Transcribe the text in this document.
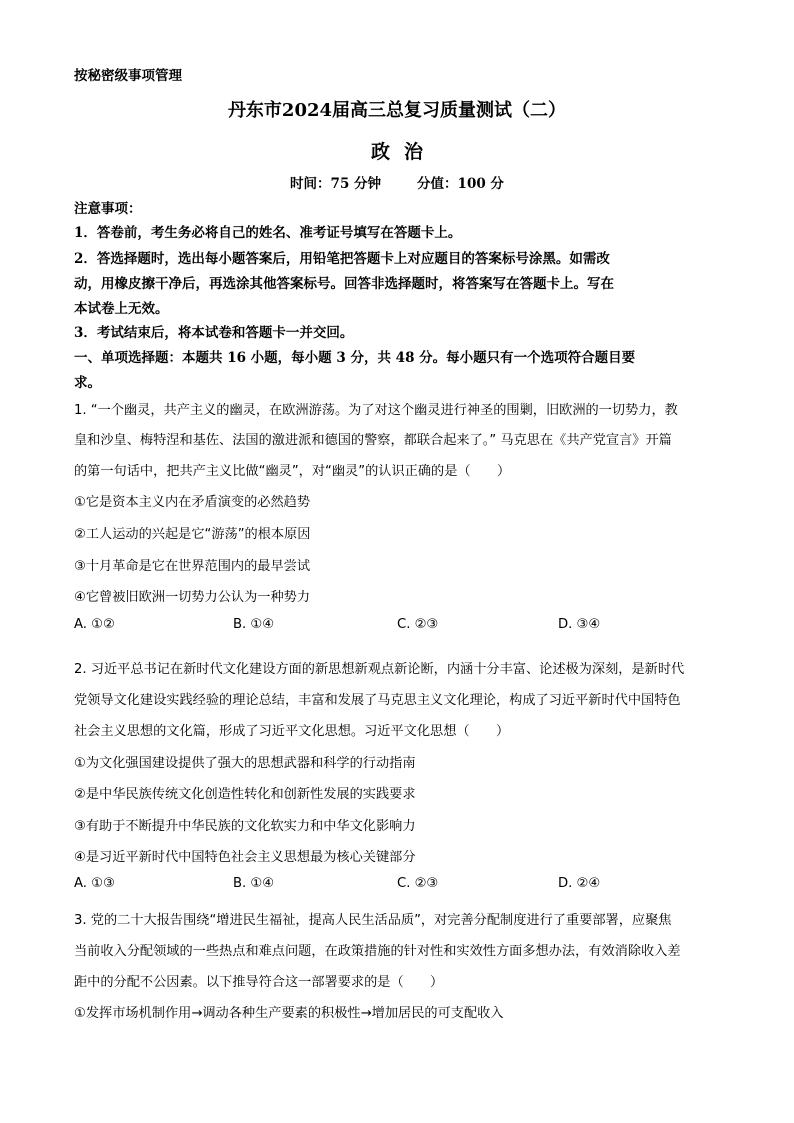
按秘密级事项管理
丹东市2024届高三总复习质量测试（二）
政治
时间：75 分钟	分值：100 分
注意事项：
1．答卷前，考生务必将自己的姓名、准考证号填写在答题卡上。
2．答选择题时，选出每小题答案后，用铅笔把答题卡上对应题目的答案标号涂黑。如需改
动，用橡皮擦干净后，再选涂其他答案标号。回答非选择题时，将答案写在答题卡上。写在
本试卷上无效。
3．考试结束后，将本试卷和答题卡一并交回。
一、单项选择题：本题共 16 小题，每小题 3 分，共 48 分。每小题只有一个选项符合题目要
求。
1. “一个幽灵，共产主义的幽灵，在欧洲游荡。为了对这个幽灵进行神圣的围剿，旧欧洲的一切势力，教
皇和沙皇、梅特涅和基佐、法国的激进派和德国的警察，都联合起来了。” 马克思在《共产党宣言》开篇
的第一句话中，把共产主义比做“幽灵”，对“幽灵”的认识正确的是（　　）
①它是资本主义内在矛盾演变的必然趋势
②工人运动的兴起是它“游荡”的根本原因
③十月革命是它在世界范围内的最早尝试
④它曾被旧欧洲一切势力公认为一种势力
A. ①②	B. ①④	C. ②③	D. ③④
2. 习近平总书记在新时代文化建设方面的新思想新观点新论断，内涵十分丰富、论述极为深刻，是新时代
党领导文化建设实践经验的理论总结，丰富和发展了马克思主义文化理论，构成了习近平新时代中国特色
社会主义思想的文化篇，形成了习近平文化思想。习近平文化思想（　　）
①为文化强国建设提供了强大的思想武器和科学的行动指南
②是中华民族传统文化创造性转化和创新性发展的实践要求
③有助于不断提升中华民族的文化软实力和中华文化影响力
④是习近平新时代中国特色社会主义思想最为核心关键部分
A. ①③	B. ①④	C. ②③	D. ②④
3. 党的二十大报告围绕“增进民生福祉，提高人民生活品质”，对完善分配制度进行了重要部署，应聚焦
当前收入分配领域的一些热点和难点问题，在政策措施的针对性和实效性方面多想办法，有效消除收入差
距中的分配不公因素。以下推导符合这一部署要求的是（　　）
①发挥市场机制作用→调动各种生产要素的积极性→增加居民的可支配收入
